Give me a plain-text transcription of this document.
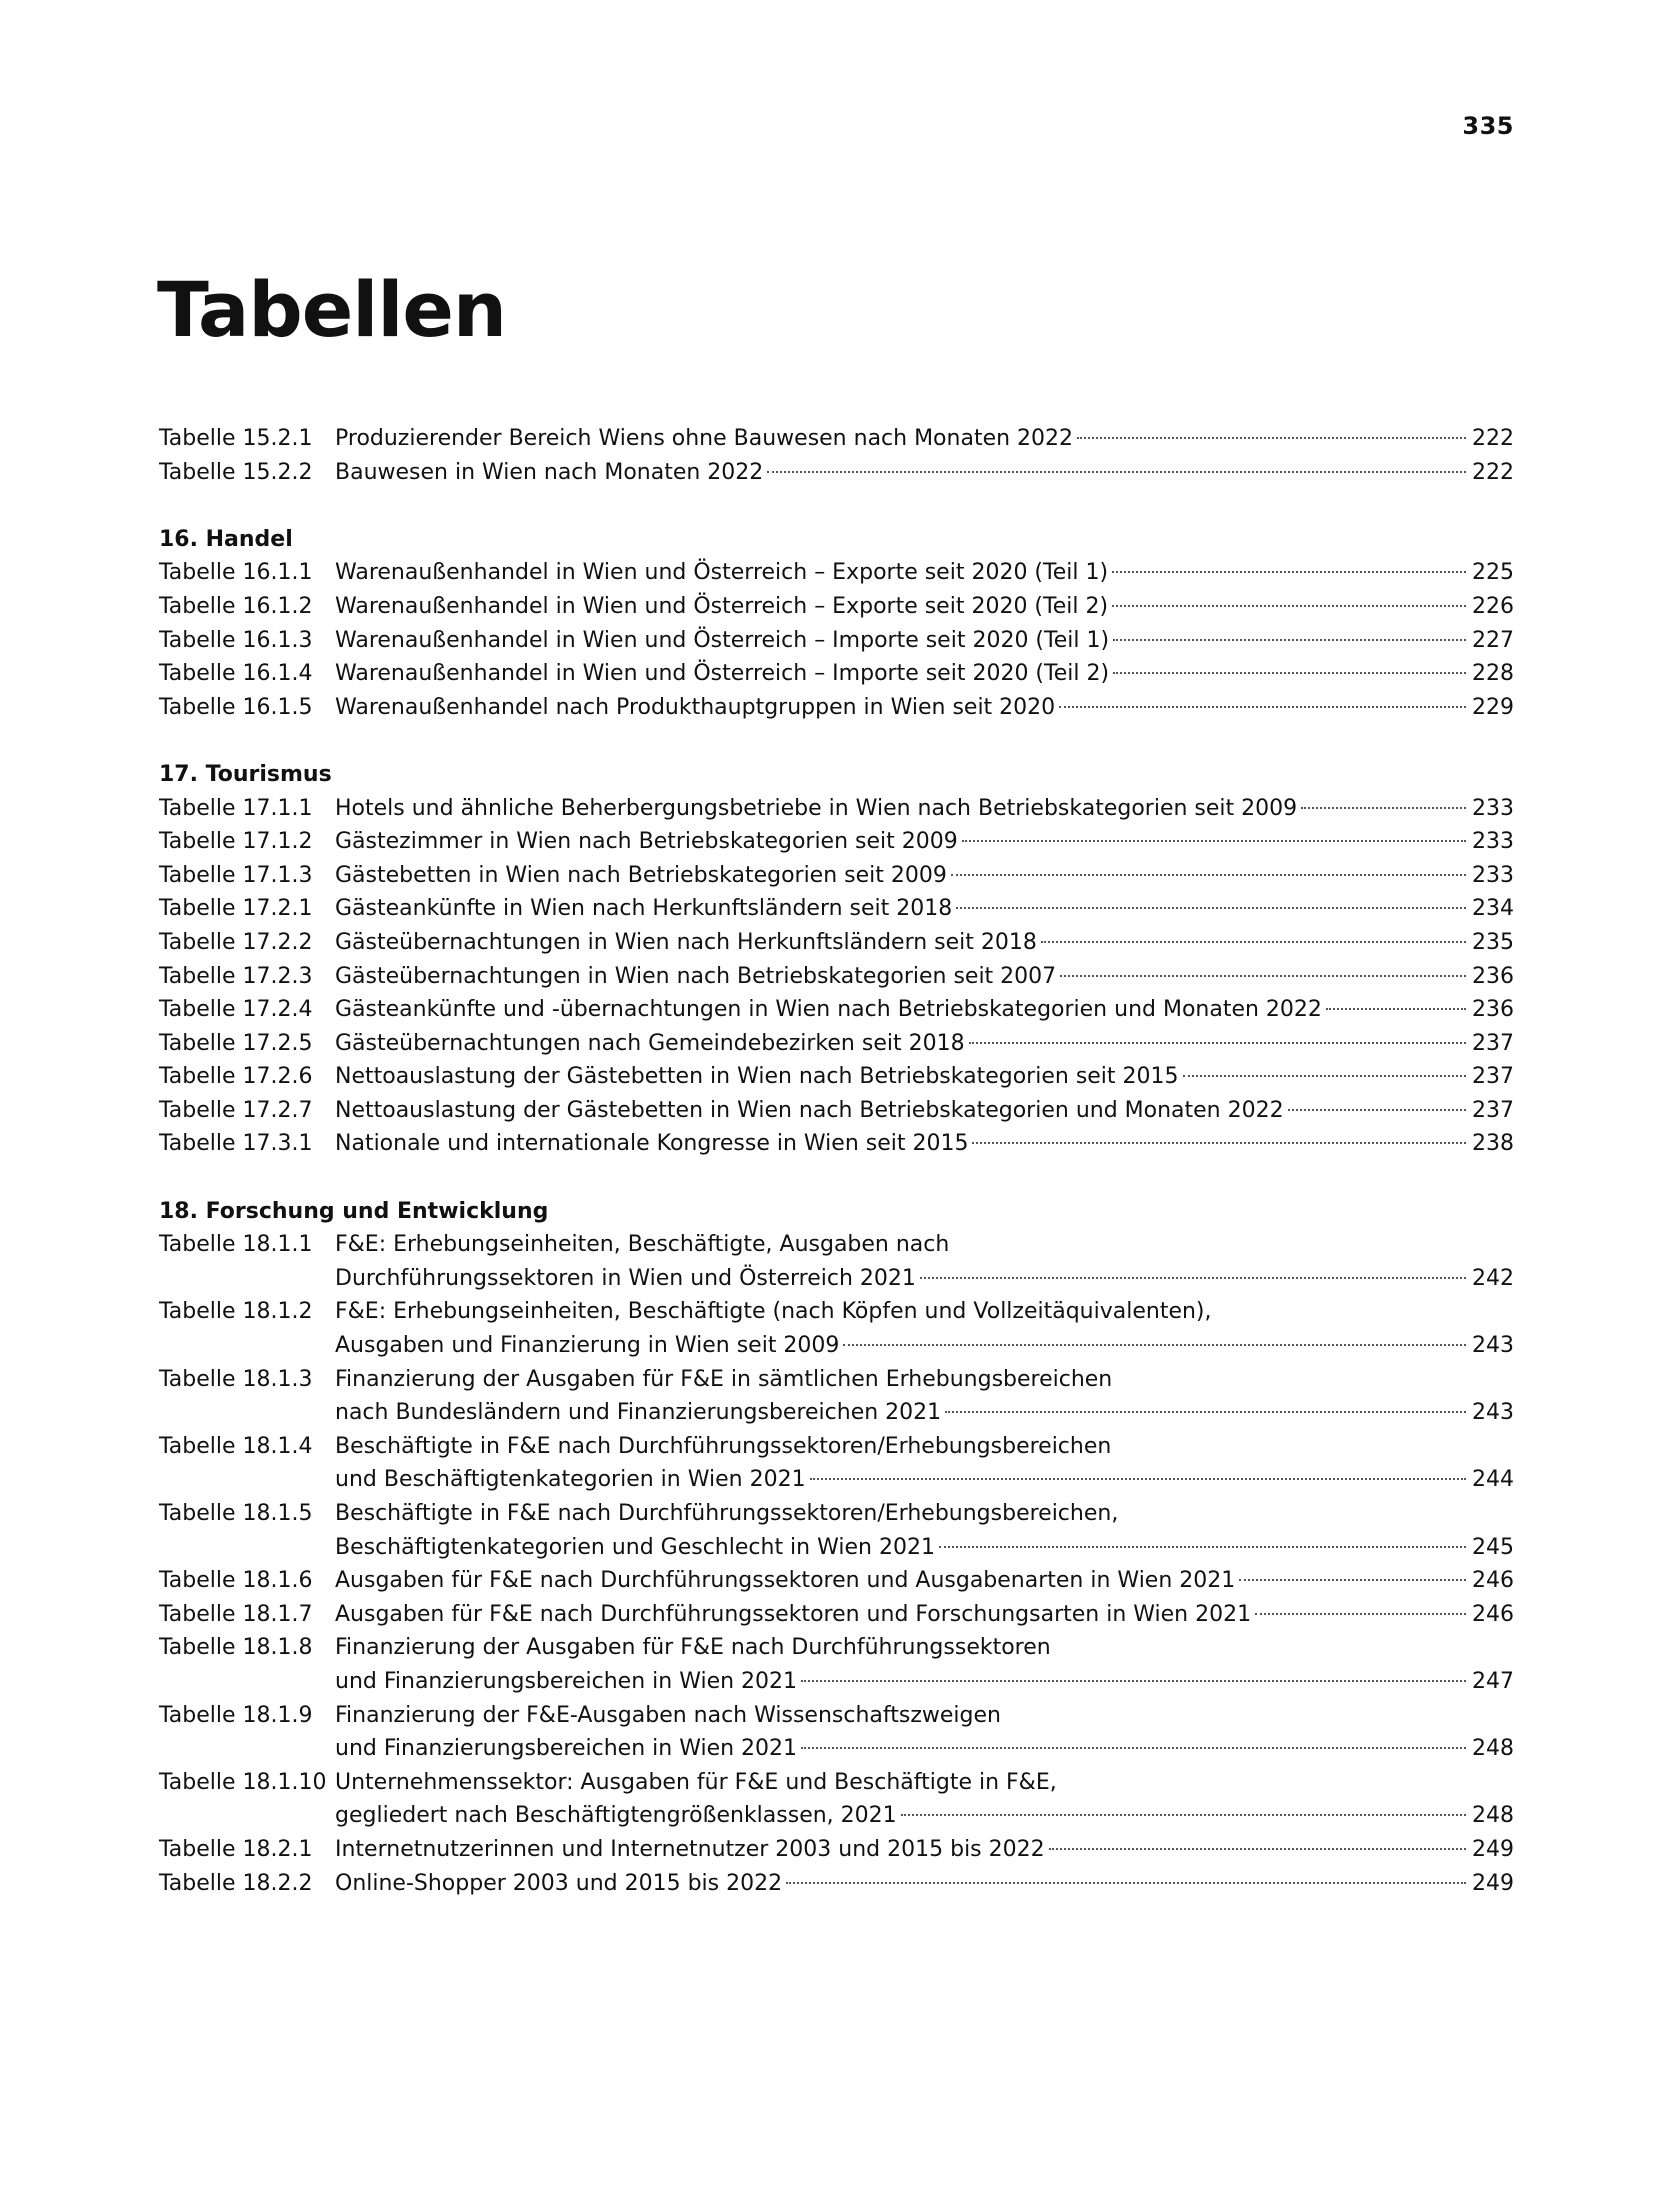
335
Tabellen
Tabelle 15.2.1	Produzierender Bereich Wiens ohne Bauwesen nach Monaten 2022	222
Tabelle 15.2.2	Bauwesen in Wien nach Monaten 2022	222
16. Handel
Tabelle 16.1.1	Warenaußenhandel in Wien und Österreich – Exporte seit 2020 (Teil 1)	225
Tabelle 16.1.2	Warenaußenhandel in Wien und Österreich – Exporte seit 2020 (Teil 2)	226
Tabelle 16.1.3	Warenaußenhandel in Wien und Österreich – Importe seit 2020 (Teil 1)	227
Tabelle 16.1.4	Warenaußenhandel in Wien und Österreich – Importe seit 2020 (Teil 2)	228
Tabelle 16.1.5	Warenaußenhandel nach Produkthauptgruppen in Wien seit 2020	229
17. Tourismus
Tabelle 17.1.1	Hotels und ähnliche Beherbergungsbetriebe in Wien nach Betriebskategorien seit 2009	233
Tabelle 17.1.2	Gästezimmer in Wien nach Betriebskategorien seit 2009	233
Tabelle 17.1.3	Gästebetten in Wien nach Betriebskategorien seit 2009	233
Tabelle 17.2.1	Gästeankünfte in Wien nach Herkunftsländern seit 2018	234
Tabelle 17.2.2	Gästeübernachtungen in Wien nach Herkunftsländern seit 2018	235
Tabelle 17.2.3	Gästeübernachtungen in Wien nach Betriebskategorien seit 2007	236
Tabelle 17.2.4	Gästeankünfte und -übernachtungen in Wien nach Betriebskategorien und Monaten 2022	236
Tabelle 17.2.5	Gästeübernachtungen nach Gemeindebezirken seit 2018	237
Tabelle 17.2.6	Nettoauslastung der Gästebetten in Wien nach Betriebskategorien seit 2015	237
Tabelle 17.2.7	Nettoauslastung der Gästebetten in Wien nach Betriebskategorien und Monaten 2022	237
Tabelle 17.3.1	Nationale und internationale Kongresse in Wien seit 2015	238
18. Forschung und Entwicklung
Tabelle 18.1.1	F&E: Erhebungseinheiten, Beschäftigte, Ausgaben nach
Durchführungssektoren in Wien und Österreich 2021	242
Tabelle 18.1.2	F&E: Erhebungseinheiten, Beschäftigte (nach Köpfen und Vollzeitäquivalenten),
Ausgaben und Finanzierung in Wien seit 2009	243
Tabelle 18.1.3	Finanzierung der Ausgaben für F&E in sämtlichen Erhebungsbereichen
nach Bundesländern und Finanzierungsbereichen 2021	243
Tabelle 18.1.4	Beschäftigte in F&E nach Durchführungssektoren/Erhebungsbereichen
und Beschäftigtenkategorien in Wien 2021	244
Tabelle 18.1.5	Beschäftigte in F&E nach Durchführungssektoren/Erhebungsbereichen,
Beschäftigtenkategorien und Geschlecht in Wien 2021	245
Tabelle 18.1.6	Ausgaben für F&E nach Durchführungssektoren und Ausgabenarten in Wien 2021	246
Tabelle 18.1.7	Ausgaben für F&E nach Durchführungssektoren und Forschungsarten in Wien 2021	246
Tabelle 18.1.8	Finanzierung der Ausgaben für F&E nach Durchführungssektoren
und Finanzierungsbereichen in Wien 2021	247
Tabelle 18.1.9	Finanzierung der F&E-Ausgaben nach Wissenschaftszweigen
und Finanzierungsbereichen in Wien 2021	248
Tabelle 18.1.10 Unternehmenssektor: Ausgaben für F&E und Beschäftigte in F&E,
gegliedert nach Beschäftigtengrößenklassen, 2021	248
Tabelle 18.2.1	Internetnutzerinnen und Internetnutzer 2003 und 2015 bis 2022	249
Tabelle 18.2.2	Online-Shopper 2003 und 2015 bis 2022	249
